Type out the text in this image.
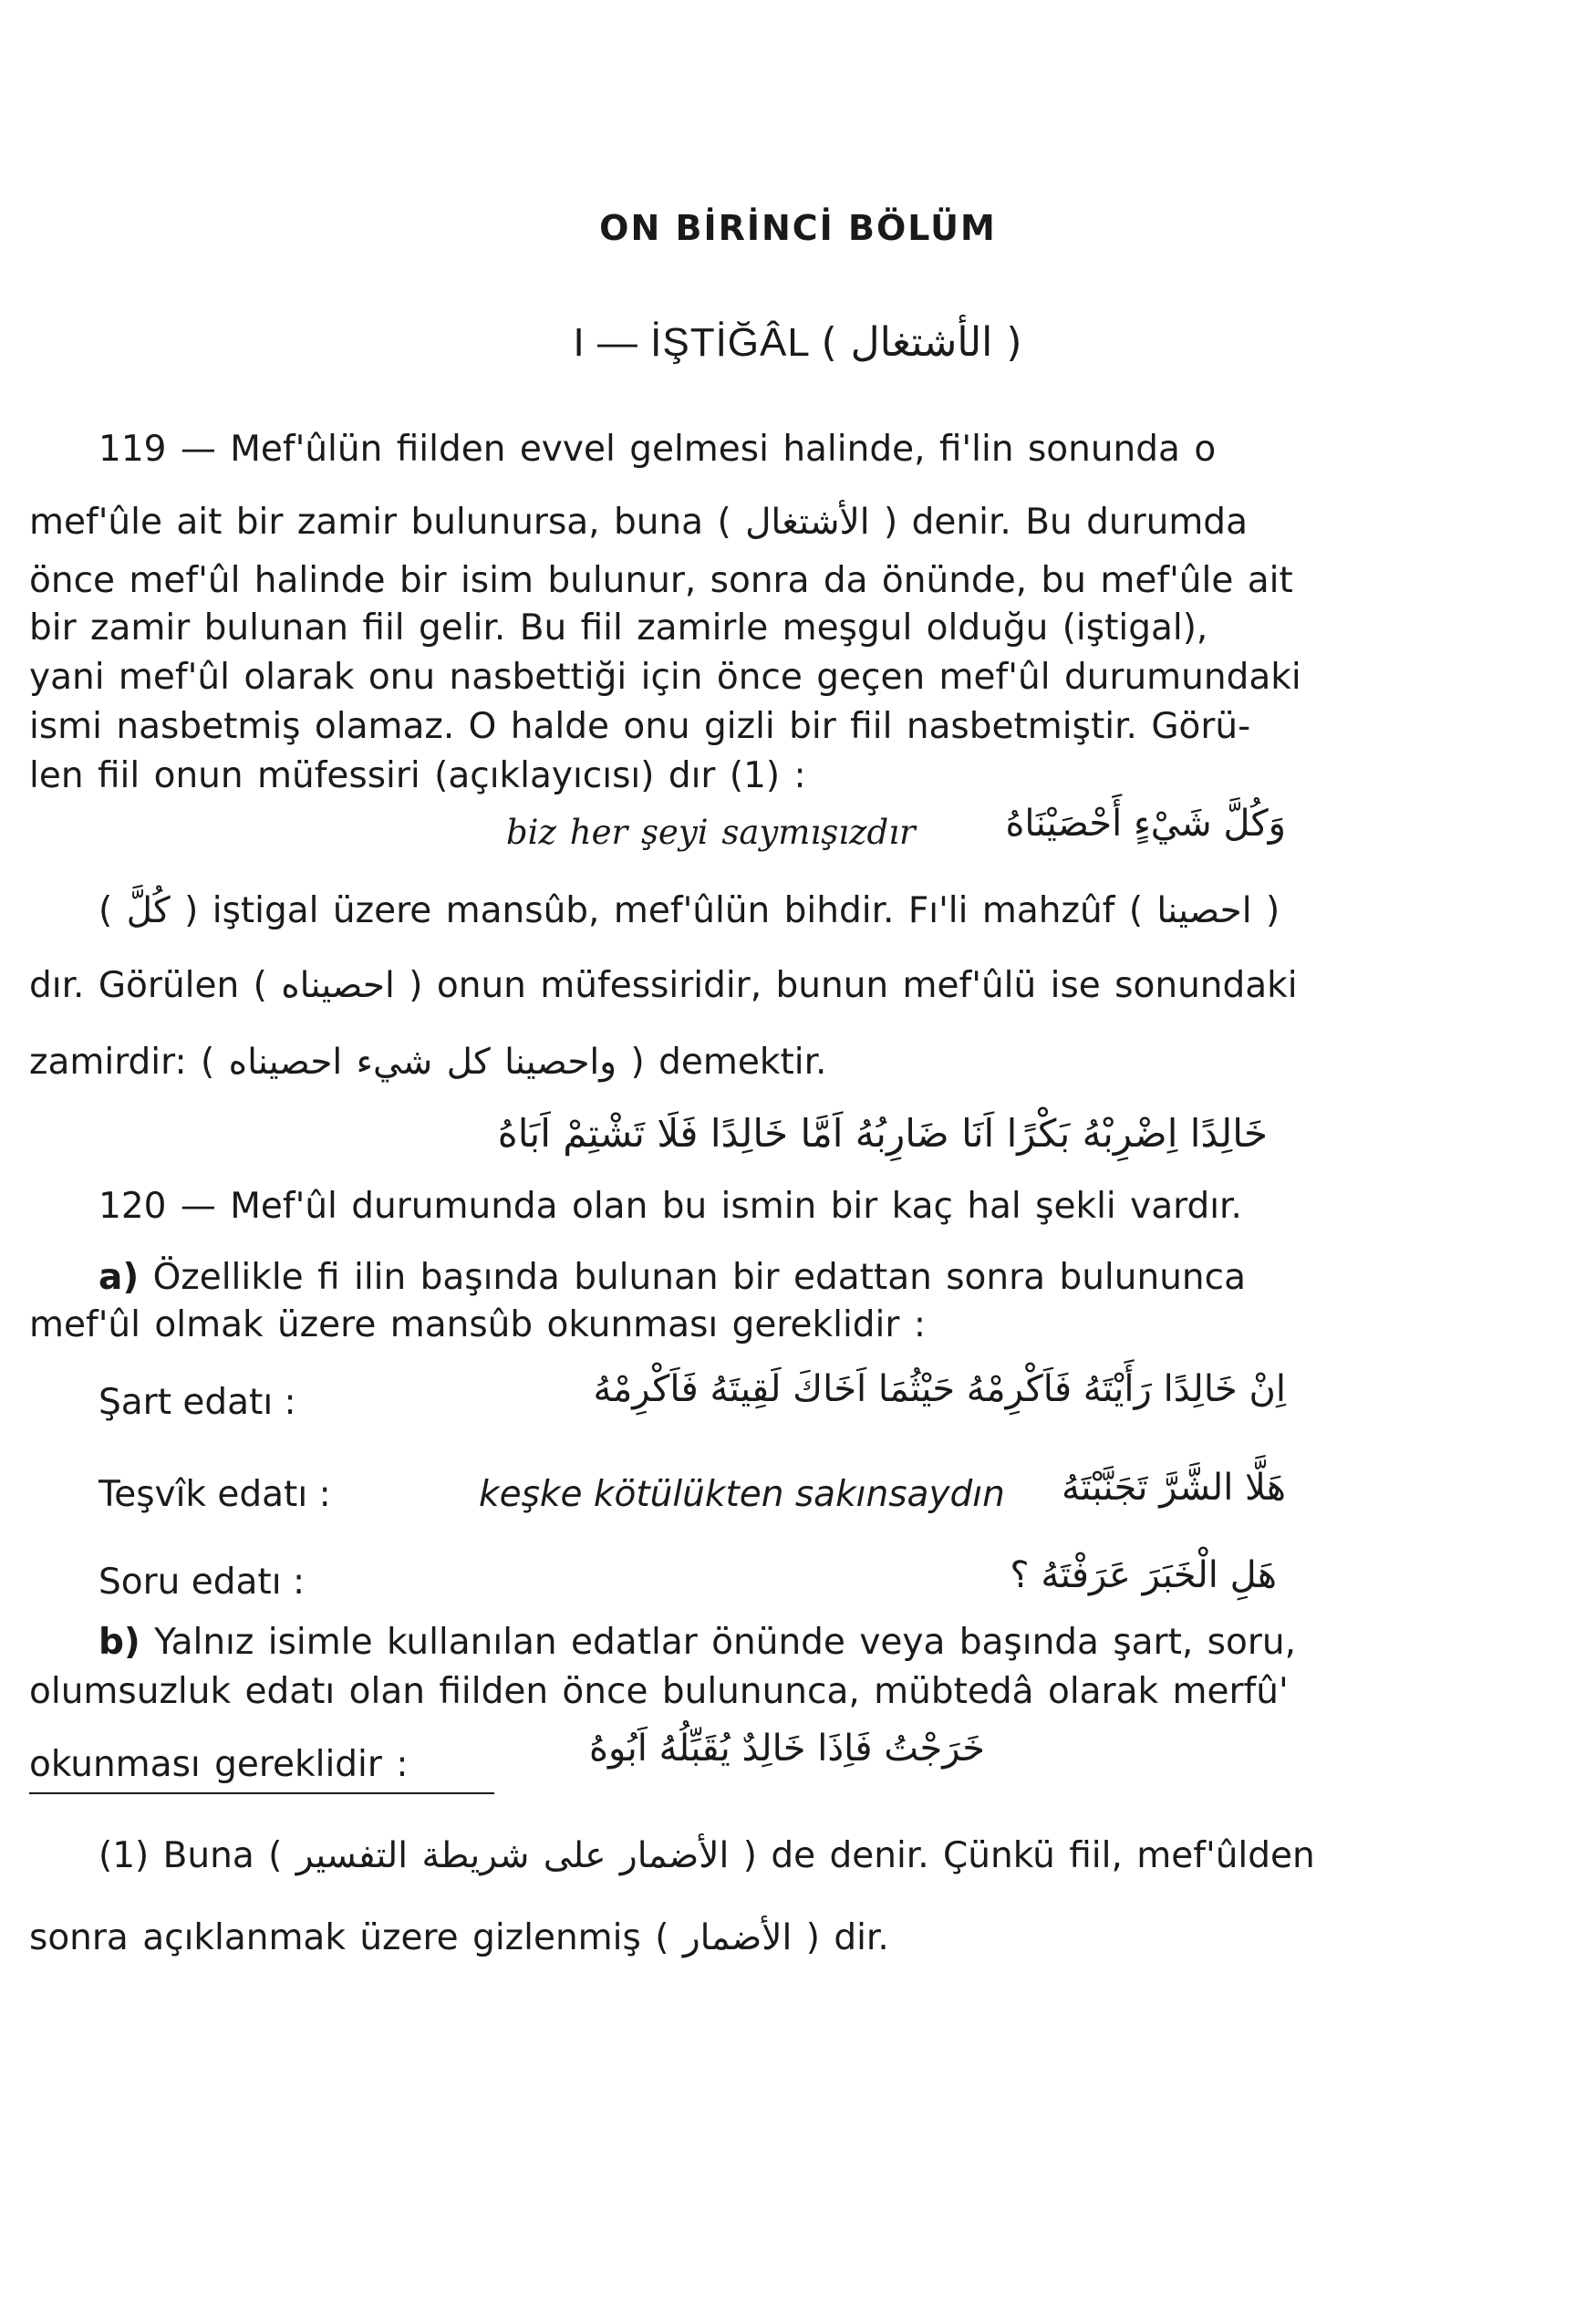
ON BİRİNCİ BÖLÜM
I — İŞTİĞÂL ( الأشتغال )
119 — Mef'ûlün fiilden evvel gelmesi halinde, fi'lin sonunda o
mef'ûle ait bir zamir bulunursa, buna ( الأشتغال ) denir. Bu durumda
önce mef'ûl halinde bir isim bulunur, sonra da önünde, bu mef'ûle ait
bir zamir bulunan fiil gelir. Bu fiil zamirle meşgul olduğu (iştigal),
yani mef'ûl olarak onu nasbettiği için önce geçen mef'ûl durumundaki
ismi nasbetmiş olamaz. O halde onu gizli bir fiil nasbetmiştir. Görü-
len fiil onun müfessiri (açıklayıcısı) dır (1) :
biz her şeyi saymışızdır وَكُلَّ شَيْءٍ أَحْصَيْنَاهُ
( كُلَّ ) iştigal üzere mansûb, mef'ûlün bihdir. Fı'li mahzûf ( احصينا )
dır. Görülen ( احصيناه ) onun müfessiridir, bunun mef'ûlü ise sonundaki
zamirdir: ( واحصينا كل شيء احصيناه ) demektir.
خَالِدًا اِضْرِبْهُ بَكْرًا اَنَا ضَارِبُهُ اَمَّا خَالِدًا فَلَا تَشْتِمْ اَبَاهُ
120 — Mef'ûl durumunda olan bu ismin bir kaç hal şekli vardır.
a) Özellikle fi ilin başında bulunan bir edattan sonra bulununca
mef'ûl olmak üzere mansûb okunması gereklidir :
Şart edatı :	اِنْ خَالِدًا رَأَيْتَهُ فَاَكْرِمْهُ حَيْثُمَا اَخَاكَ لَقِيتَهُ فَاَكْرِمْهُ
Teşvîk edatı :	keşke kötülükten sakınsaydın هَلَّا الشَّرَّ تَجَنَّبْتَهُ
Soru edatı :	هَلِ الْخَبَرَ عَرَفْتَهُ ؟
b) Yalnız isimle kullanılan edatlar önünde veya başında şart, soru,
olumsuzluk edatı olan fiilden önce bulununca, mübtedâ olarak merfû'
okunması gereklidir :	خَرَجْتُ فَاِذَا خَالِدٌ يُقَبِّلُهُ اَبُوهُ
(1) Buna ( الأضمار على شريطة التفسير ) de denir. Çünkü fiil, mef'ûlden
sonra açıklanmak üzere gizlenmiş ( الأضمار ) dir.
